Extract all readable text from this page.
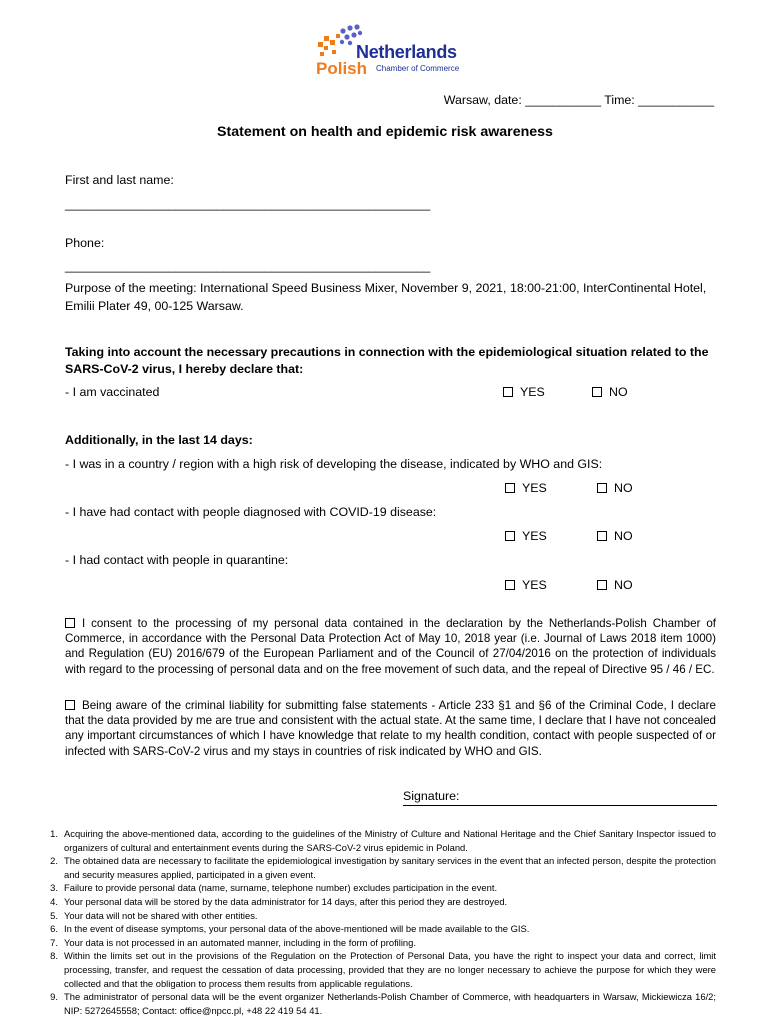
Netherlands
Polish Chamber of Commerce
Warsaw, date: ___________ Time: ___________
Statement on health and epidemic risk awareness
First and last name:
_____________________________________________________
Phone:
_____________________________________________________
Purpose of the meeting: International Speed Business Mixer, November 9, 2021, 18:00-21:00, InterContinental Hotel, Emilii Plater 49, 00-125 Warsaw.
Taking into account the necessary precautions in connection with the epidemiological situation related to the SARS-CoV-2 virus, I hereby declare that:
- I am vaccinated	YES	NO
Additionally, in the last 14 days:
- I was in a country / region with a high risk of developing the disease, indicated by WHO and GIS:
YES	NO
- I have had contact with people diagnosed with COVID-19 disease:
YES	NO
- I had contact with people in quarantine:
YES	NO
I consent to the processing of my personal data contained in the declaration by the Netherlands-Polish Chamber of Commerce, in accordance with the Personal Data Protection Act of May 10, 2018 year (i.e. Journal of Laws 2018 item 1000) and Regulation (EU) 2016/679 of the European Parliament and of the Council of 27/04/2016 on the protection of individuals with regard to the processing of personal data and on the free movement of such data, and the repeal of Directive 95 / 46 / EC.
Being aware of the criminal liability for submitting false statements - Article 233 §1 and §6 of the Criminal Code, I declare that the data provided by me are true and consistent with the actual state. At the same time, I declare that I have not concealed any important circumstances of which I have knowledge that relate to my health condition, contact with people suspected of or infected with SARS-CoV-2 virus and my stays in countries of risk indicated by WHO and GIS.
Signature:
1. Acquiring the above-mentioned data, according to the guidelines of the Ministry of Culture and National Heritage and the Chief Sanitary Inspector issued to organizers of cultural and entertainment events during the SARS-CoV-2 virus epidemic in Poland.
2. The obtained data are necessary to facilitate the epidemiological investigation by sanitary services in the event that an infected person, despite the protection and security measures applied, participated in a given event.
3. Failure to provide personal data (name, surname, telephone number) excludes participation in the event.
4. Your personal data will be stored by the data administrator for 14 days, after this period they are destroyed.
5. Your data will not be shared with other entities.
6. In the event of disease symptoms, your personal data of the above-mentioned will be made available to the GIS.
7. Your data is not processed in an automated manner, including in the form of profiling.
8. Within the limits set out in the provisions of the Regulation on the Protection of Personal Data, you have the right to inspect your data and correct, limit processing, transfer, and request the cessation of data processing, provided that they are no longer necessary to achieve the purpose for which they were collected and that the obligation to process them results from applicable regulations.
9. The administrator of personal data will be the event organizer Netherlands-Polish Chamber of Commerce, with headquarters in Warsaw, Mickiewicza 16/2; NIP: 5272645558; Contact: office@npcc.pl, +48 22 419 54 41.
